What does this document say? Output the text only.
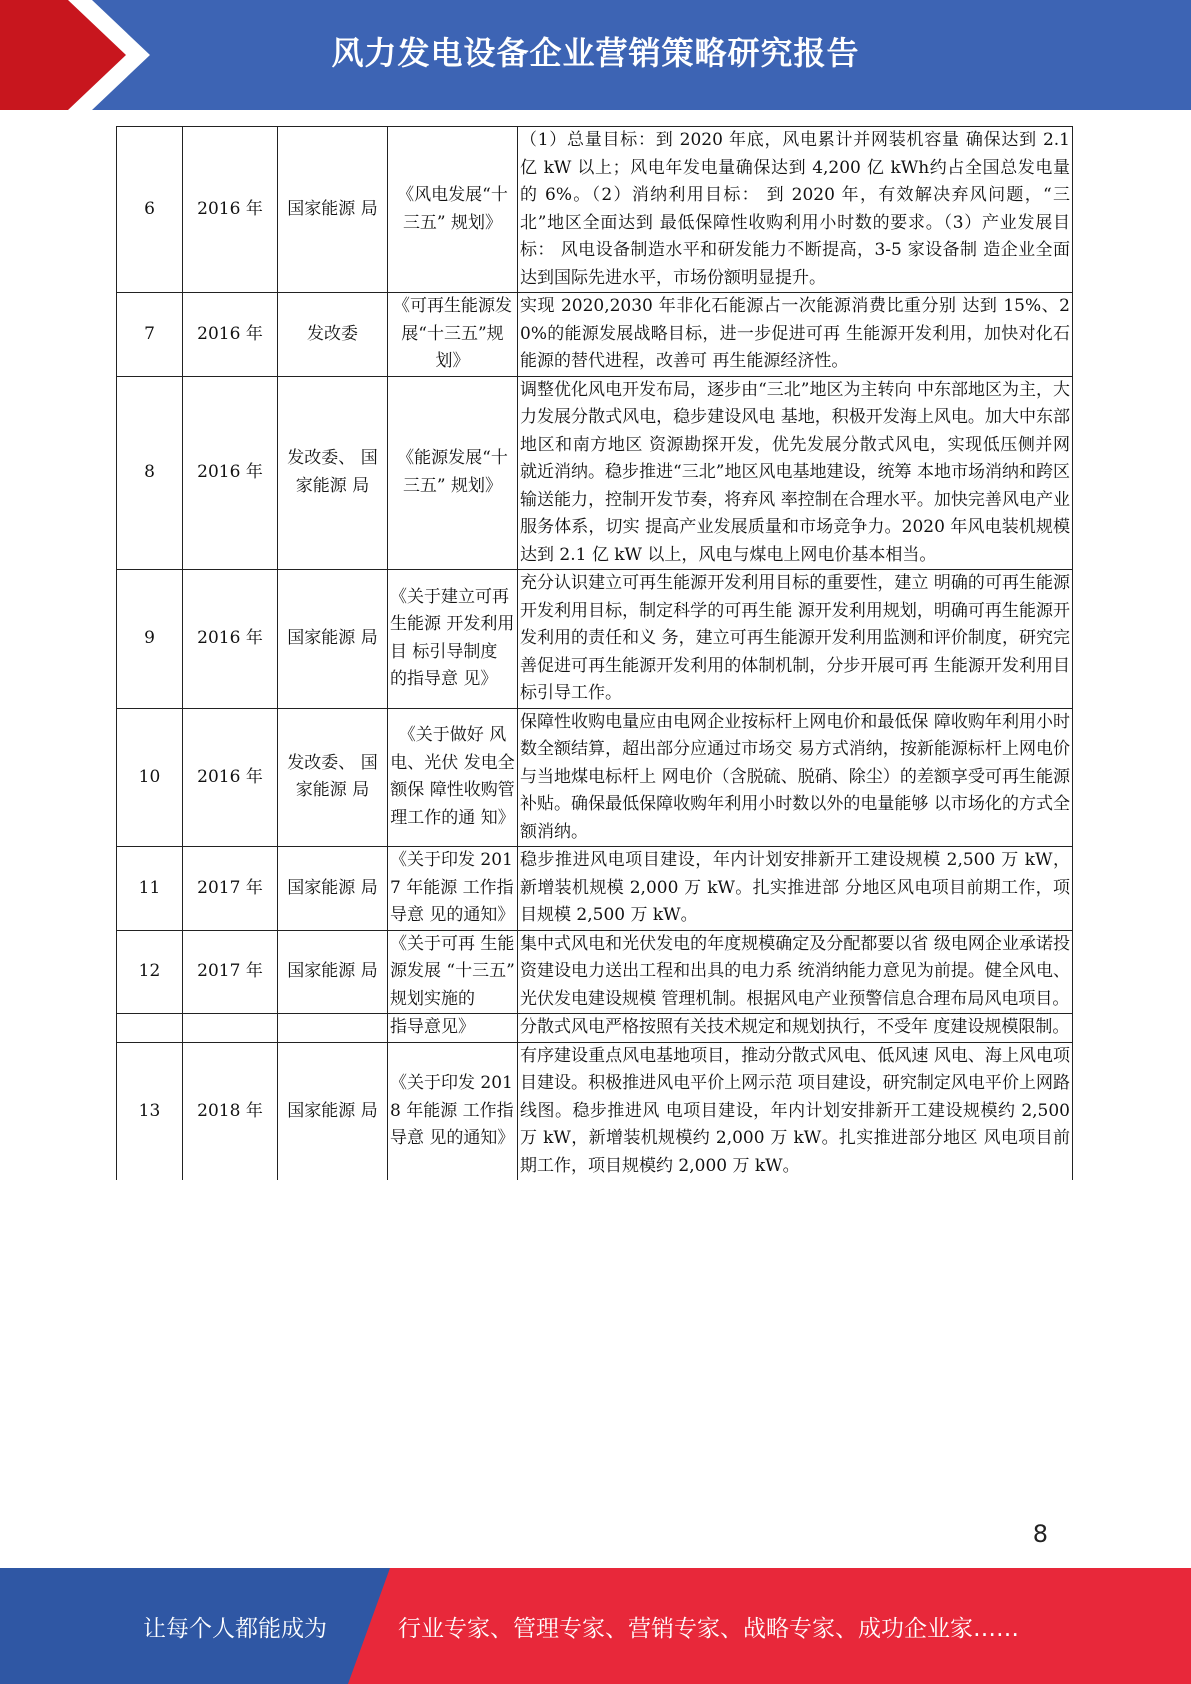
风力发电设备企业营销策略研究报告
6	2016 年	国家能源 局	《风电发展“十三五” 规划》	（1）总量目标：到 2020 年底，风电累计并网装机容量 确保达到 2.1 亿 kW 以上；风电年发电量确保达到 4,200 亿 kWh约占全国总发电量的 6%。（2）消纳利用目标： 到 2020 年，有效解决弃风问题，“三北”地区全面达到 最低保障性收购利用小时数的要求。（3）产业发展目标： 风电设备制造水平和研发能力不断提高，3-5 家设备制 造企业全面达到国际先进水平，市场份额明显提升。
7	2016 年	发改委	《可再生能源发展“十三五”规 划》	实现 2020,2030 年非化石能源占一次能源消费比重分别 达到 15%、20%的能源发展战略目标，进一步促进可再 生能源开发利用，加快对化石能源的替代进程，改善可 再生能源经济性。
8	2016 年	发改委、 国家能源 局	《能源发展“十三五” 规划》	调整优化风电开发布局，逐步由“三北”地区为主转向 中东部地区为主，大力发展分散式风电，稳步建设风电 基地，积极开发海上风电。加大中东部地区和南方地区 资源勘探开发，优先发展分散式风电，实现低压侧并网 就近消纳。稳步推进“三北”地区风电基地建设，统筹 本地市场消纳和跨区输送能力，控制开发节奏，将弃风 率控制在合理水平。加快完善风电产业服务体系，切实 提高产业发展质量和市场竞争力。2020 年风电装机规模 达到 2.1 亿 kW 以上，风电与煤电上网电价基本相当。
9	2016 年	国家能源 局	《关于建立可再生能源 开发利用目 标引导制度 的指导意 见》	充分认识建立可再生能源开发利用目标的重要性，建立 明确的可再生能源开发利用目标，制定科学的可再生能 源开发利用规划，明确可再生能源开发利用的责任和义 务，建立可再生能源开发利用监测和评价制度，研究完 善促进可再生能源开发利用的体制机制，分步开展可再 生能源开发利用目标引导工作。
10	2016 年	发改委、 国家能源 局	《关于做好 风电、光伏 发电全额保 障性收购管 理工作的通 知》	保障性收购电量应由电网企业按标杆上网电价和最低保 障收购年利用小时数全额结算，超出部分应通过市场交 易方式消纳，按新能源标杆上网电价与当地煤电标杆上 网电价（含脱硫、脱硝、除尘）的差额享受可再生能源 补贴。确保最低保障收购年利用小时数以外的电量能够 以市场化的方式全额消纳。
11	2017 年	国家能源 局	《关于印发 2017 年能源 工作指导意 见的通知》	稳步推进风电项目建设，年内计划安排新开工建设规模 2,500 万 kW，新增装机规模 2,000 万 kW。扎实推进部 分地区风电项目前期工作，项目规模 2,500 万 kW。
12	2017 年	国家能源 局	《关于可再 生能源发展 “十三五” 规划实施的	集中式风电和光伏发电的年度规模确定及分配都要以省 级电网企业承诺投资建设电力送出工程和出具的电力系 统消纳能力意见为前提。健全风电、光伏发电建设规模 管理机制。根据风电产业预警信息合理布局风电项目。
			指导意见》	分散式风电严格按照有关技术规定和规划执行，不受年 度建设规模限制。
13	2018 年	国家能源 局	《关于印发 2018 年能源 工作指导意 见的通知》	有序建设重点风电基地项目，推动分散式风电、低风速 风电、海上风电项目建设。积极推进风电平价上网示范 项目建设，研究制定风电平价上网路线图。稳步推进风 电项目建设，年内计划安排新开工建设规模约 2,500 万 kW，新增装机规模约 2,000 万 kW。扎实推进部分地区 风电项目前期工作，项目规模约 2,000 万 kW。
8
让每个人都能成为	行业专家、管理专家、营销专家、战略专家、成功企业家……
